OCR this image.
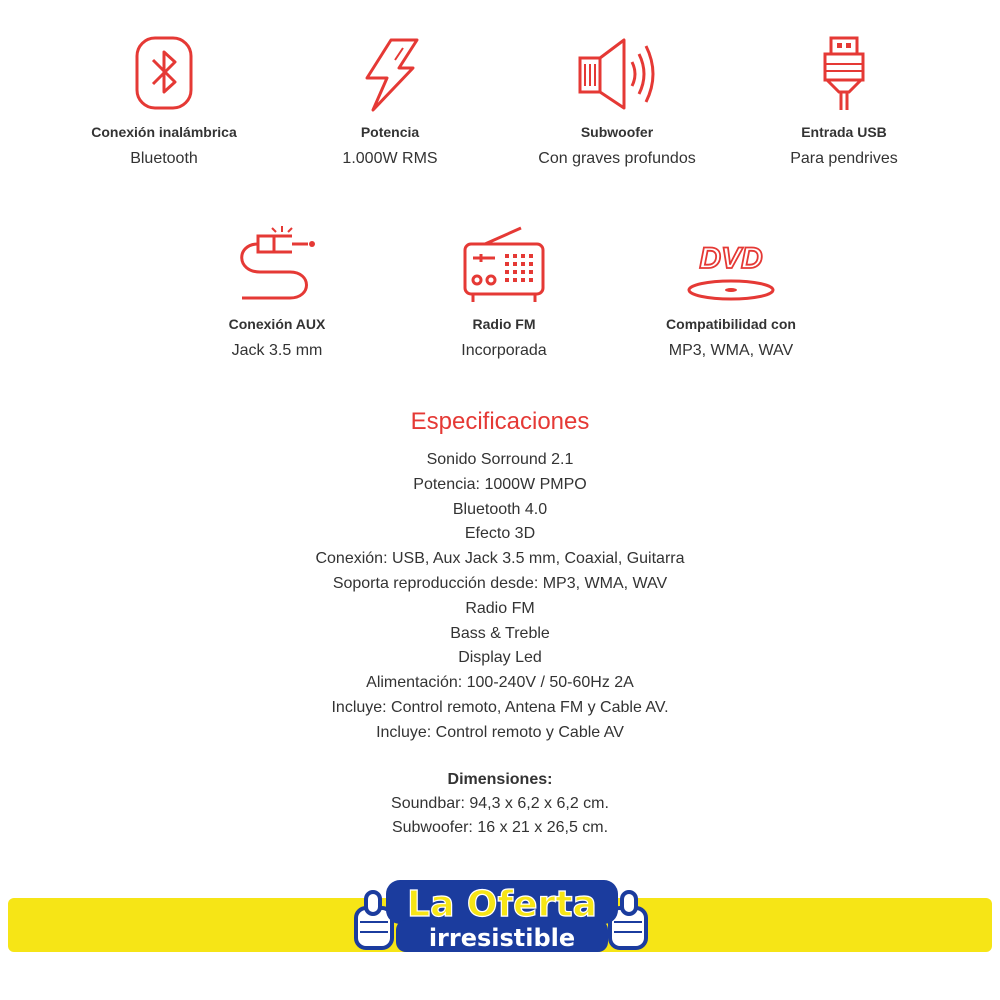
Conexión inalámbrica
Bluetooth
Potencia
1.000W RMS
Subwoofer
Con graves profundos
Entrada USB
Para pendrives
Conexión AUX
Jack 3.5 mm
Radio FM
Incorporada
DVD
Compatibilidad con
MP3, WMA, WAV
Especificaciones
Sonido Sorround 2.1
Potencia: 1000W PMPO
Bluetooth 4.0
Efecto 3D
Conexión: USB, Aux Jack 3.5 mm, Coaxial, Guitarra
Soporta reproducción desde: MP3, WMA, WAV
Radio FM
Bass & Treble
Display Led
Alimentación: 100-240V / 50-60Hz 2A
Incluye: Control remoto, Antena FM y Cable AV.
Incluye: Control remoto y Cable AV
Dimensiones:
Soundbar: 94,3 x 6,2 x 6,2 cm.
Subwoofer: 16 x 21 x 26,5 cm.
La Oferta
irresistible
